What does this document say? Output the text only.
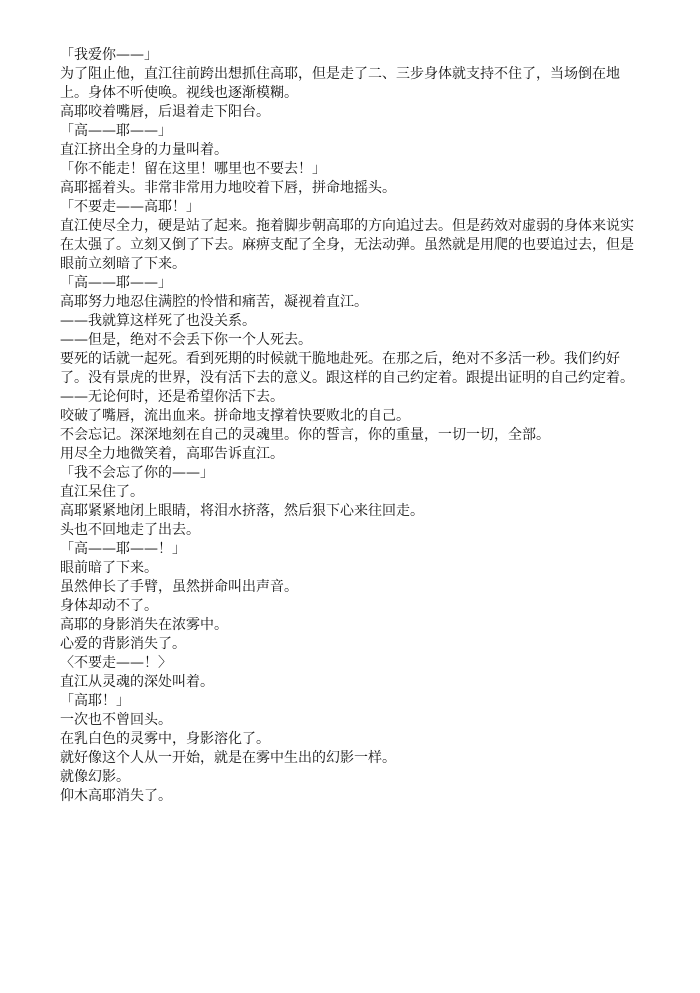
「我爱你——」

为了阻止他，直江往前跨出想抓住高耶，但是走了二、三步身体就支持不住了，当场倒在地上。身体不听使唤。视线也逐渐模糊。

高耶咬着嘴唇，后退着走下阳台。

「高——耶——」

直江挤出全身的力量叫着。

「你不能走！留在这里！哪里也不要去！」

高耶摇着头。非常非常用力地咬着下唇，拼命地摇头。

「不要走——高耶！」

直江使尽全力，硬是站了起来。拖着脚步朝高耶的方向追过去。但是药效对虚弱的身体来说实在太强了。立刻又倒了下去。麻痹支配了全身，无法动弹。虽然就是用爬的也要追过去，但是眼前立刻暗了下来。

「高——耶——」

高耶努力地忍住满腔的怜惜和痛苦，凝视着直江。

——我就算这样死了也没关系。

——但是，绝对不会丢下你一个人死去。

要死的话就一起死。看到死期的时候就干脆地赴死。在那之后，绝对不多活一秒。我们约好了。没有景虎的世界，没有活下去的意义。跟这样的自己约定着。跟提出证明的自己约定着。

——无论何时，还是希望你活下去。

咬破了嘴唇，流出血来。拼命地支撑着快要败北的自己。

不会忘记。深深地刻在自己的灵魂里。你的誓言，你的重量，一切一切，全部。

用尽全力地微笑着，高耶告诉直江。

「我不会忘了你的——」

直江呆住了。

高耶紧紧地闭上眼睛，将泪水挤落，然后狠下心来往回走。

头也不回地走了出去。

「高——耶——！」

眼前暗了下来。

虽然伸长了手臂，虽然拼命叫出声音。

身体却动不了。

高耶的身影消失在浓雾中。

心爱的背影消失了。

〈不要走——！〉

直江从灵魂的深处叫着。

「高耶！」

一次也不曾回头。

在乳白色的灵雾中，身影溶化了。

就好像这个人从一开始，就是在雾中生出的幻影一样。

就像幻影。

仰木高耶消失了。
